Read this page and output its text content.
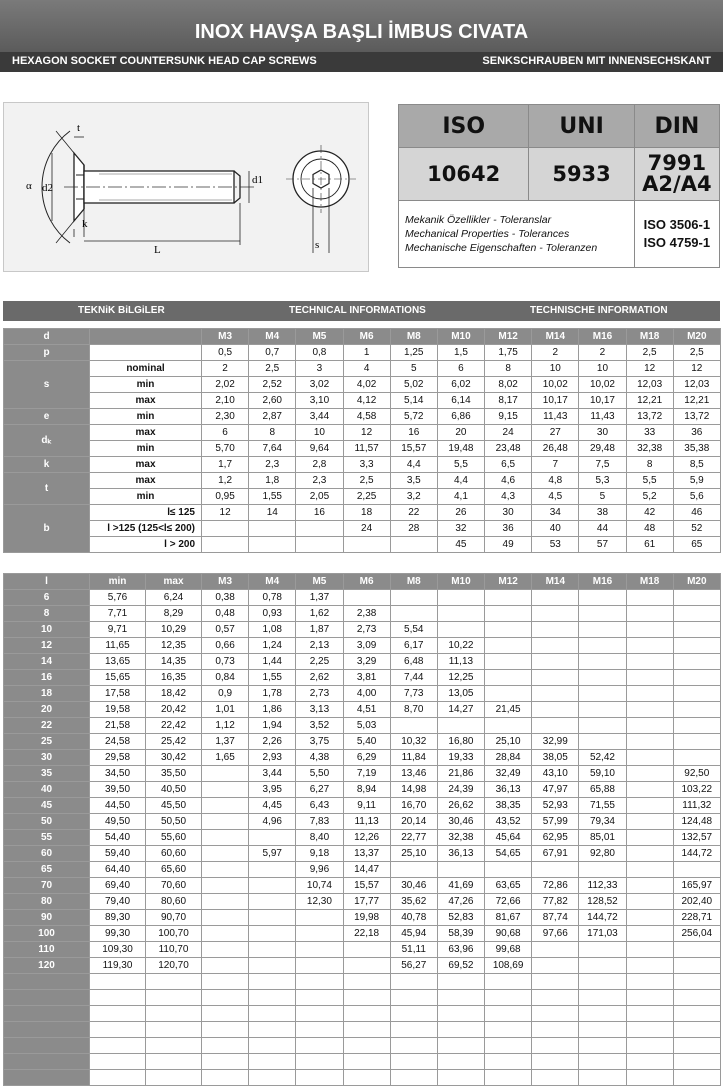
INOX HAVŞA BAŞLI İMBUS CIVATA
HEXAGON SOCKET COUNTERSUNK HEAD CAP SCREWS	SENKSCHRAUBEN MIT INNENSECHSKANT
α
t
d2
k
L
d1
s
ISO	UNI	DIN
10642	5933	7991
A2/A4
Mekanik Özellikler - Toleranslar
Mechanical Properties - Tolerances
Mechanische Eigenschaften - Toleranzen		ISO 3506-1
ISO 4759-1
TEKNiK BiLGiLER	TECHNICAL INFORMATIONS	TECHNISCHE INFORMATION
d		M3	M4	M5	M6	M8	M10	M12	M14	M16	M18	M20
p		0,5	0,7	0,8	1	1,25	1,5	1,75	2	2	2,5	2,5
s	nominal	2	2,5	3	4	5	6	8	10	10	12	12
	min	2,02	2,52	3,02	4,02	5,02	6,02	8,02	10,02	10,02	12,03	12,03
	max	2,10	2,60	3,10	4,12	5,14	6,14	8,17	10,17	10,17	12,21	12,21
e	min	2,30	2,87	3,44	4,58	5,72	6,86	9,15	11,43	11,43	13,72	13,72
dₖ	max	6	8	10	12	16	20	24	27	30	33	36
	min	5,70	7,64	9,64	11,57	15,57	19,48	23,48	26,48	29,48	32,38	35,38
k	max	1,7	2,3	2,8	3,3	4,4	5,5	6,5	7	7,5	8	8,5
t	max	1,2	1,8	2,3	2,5	3,5	4,4	4,6	4,8	5,3	5,5	5,9
	min	0,95	1,55	2,05	2,25	3,2	4,1	4,3	4,5	5	5,2	5,6
b	l≤ 125	12	14	16	18	22	26	30	34	38	42	46
	l >125 (125<l≤ 200)				24	28	32	36	40	44	48	52
	l > 200						45	49	53	57	61	65
l	min	max	M3	M4	M5	M6	M8	M10	M12	M14	M16	M18	M20
6	5,76	6,24	0,38	0,78	1,37								
8	7,71	8,29	0,48	0,93	1,62	2,38							
10	9,71	10,29	0,57	1,08	1,87	2,73	5,54						
12	11,65	12,35	0,66	1,24	2,13	3,09	6,17	10,22					
14	13,65	14,35	0,73	1,44	2,25	3,29	6,48	11,13					
16	15,65	16,35	0,84	1,55	2,62	3,81	7,44	12,25					
18	17,58	18,42	0,9	1,78	2,73	4,00	7,73	13,05					
20	19,58	20,42	1,01	1,86	3,13	4,51	8,70	14,27	21,45				
22	21,58	22,42	1,12	1,94	3,52	5,03							
25	24,58	25,42	1,37	2,26	3,75	5,40	10,32	16,80	25,10	32,99			
30	29,58	30,42	1,65	2,93	4,38	6,29	11,84	19,33	28,84	38,05	52,42		
35	34,50	35,50		3,44	5,50	7,19	13,46	21,86	32,49	43,10	59,10		92,50
40	39,50	40,50		3,95	6,27	8,94	14,98	24,39	36,13	47,97	65,88		103,22
45	44,50	45,50		4,45	6,43	9,11	16,70	26,62	38,35	52,93	71,55		111,32
50	49,50	50,50		4,96	7,83	11,13	20,14	30,46	43,52	57,99	79,34		124,48
55	54,40	55,60			8,40	12,26	22,77	32,38	45,64	62,95	85,01		132,57
60	59,40	60,60		5,97	9,18	13,37	25,10	36,13	54,65	67,91	92,80		144,72
65	64,40	65,60			9,96	14,47							
70	69,40	70,60			10,74	15,57	30,46	41,69	63,65	72,86	112,33		165,97
80	79,40	80,60			12,30	17,77	35,62	47,26	72,66	77,82	128,52		202,40
90	89,30	90,70				19,98	40,78	52,83	81,67	87,74	144,72		228,71
100	99,30	100,70				22,18	45,94	58,39	90,68	97,66	171,03		256,04
110	109,30	110,70					51,11	63,96	99,68				
120	119,30	120,70					56,27	69,52	108,69				
